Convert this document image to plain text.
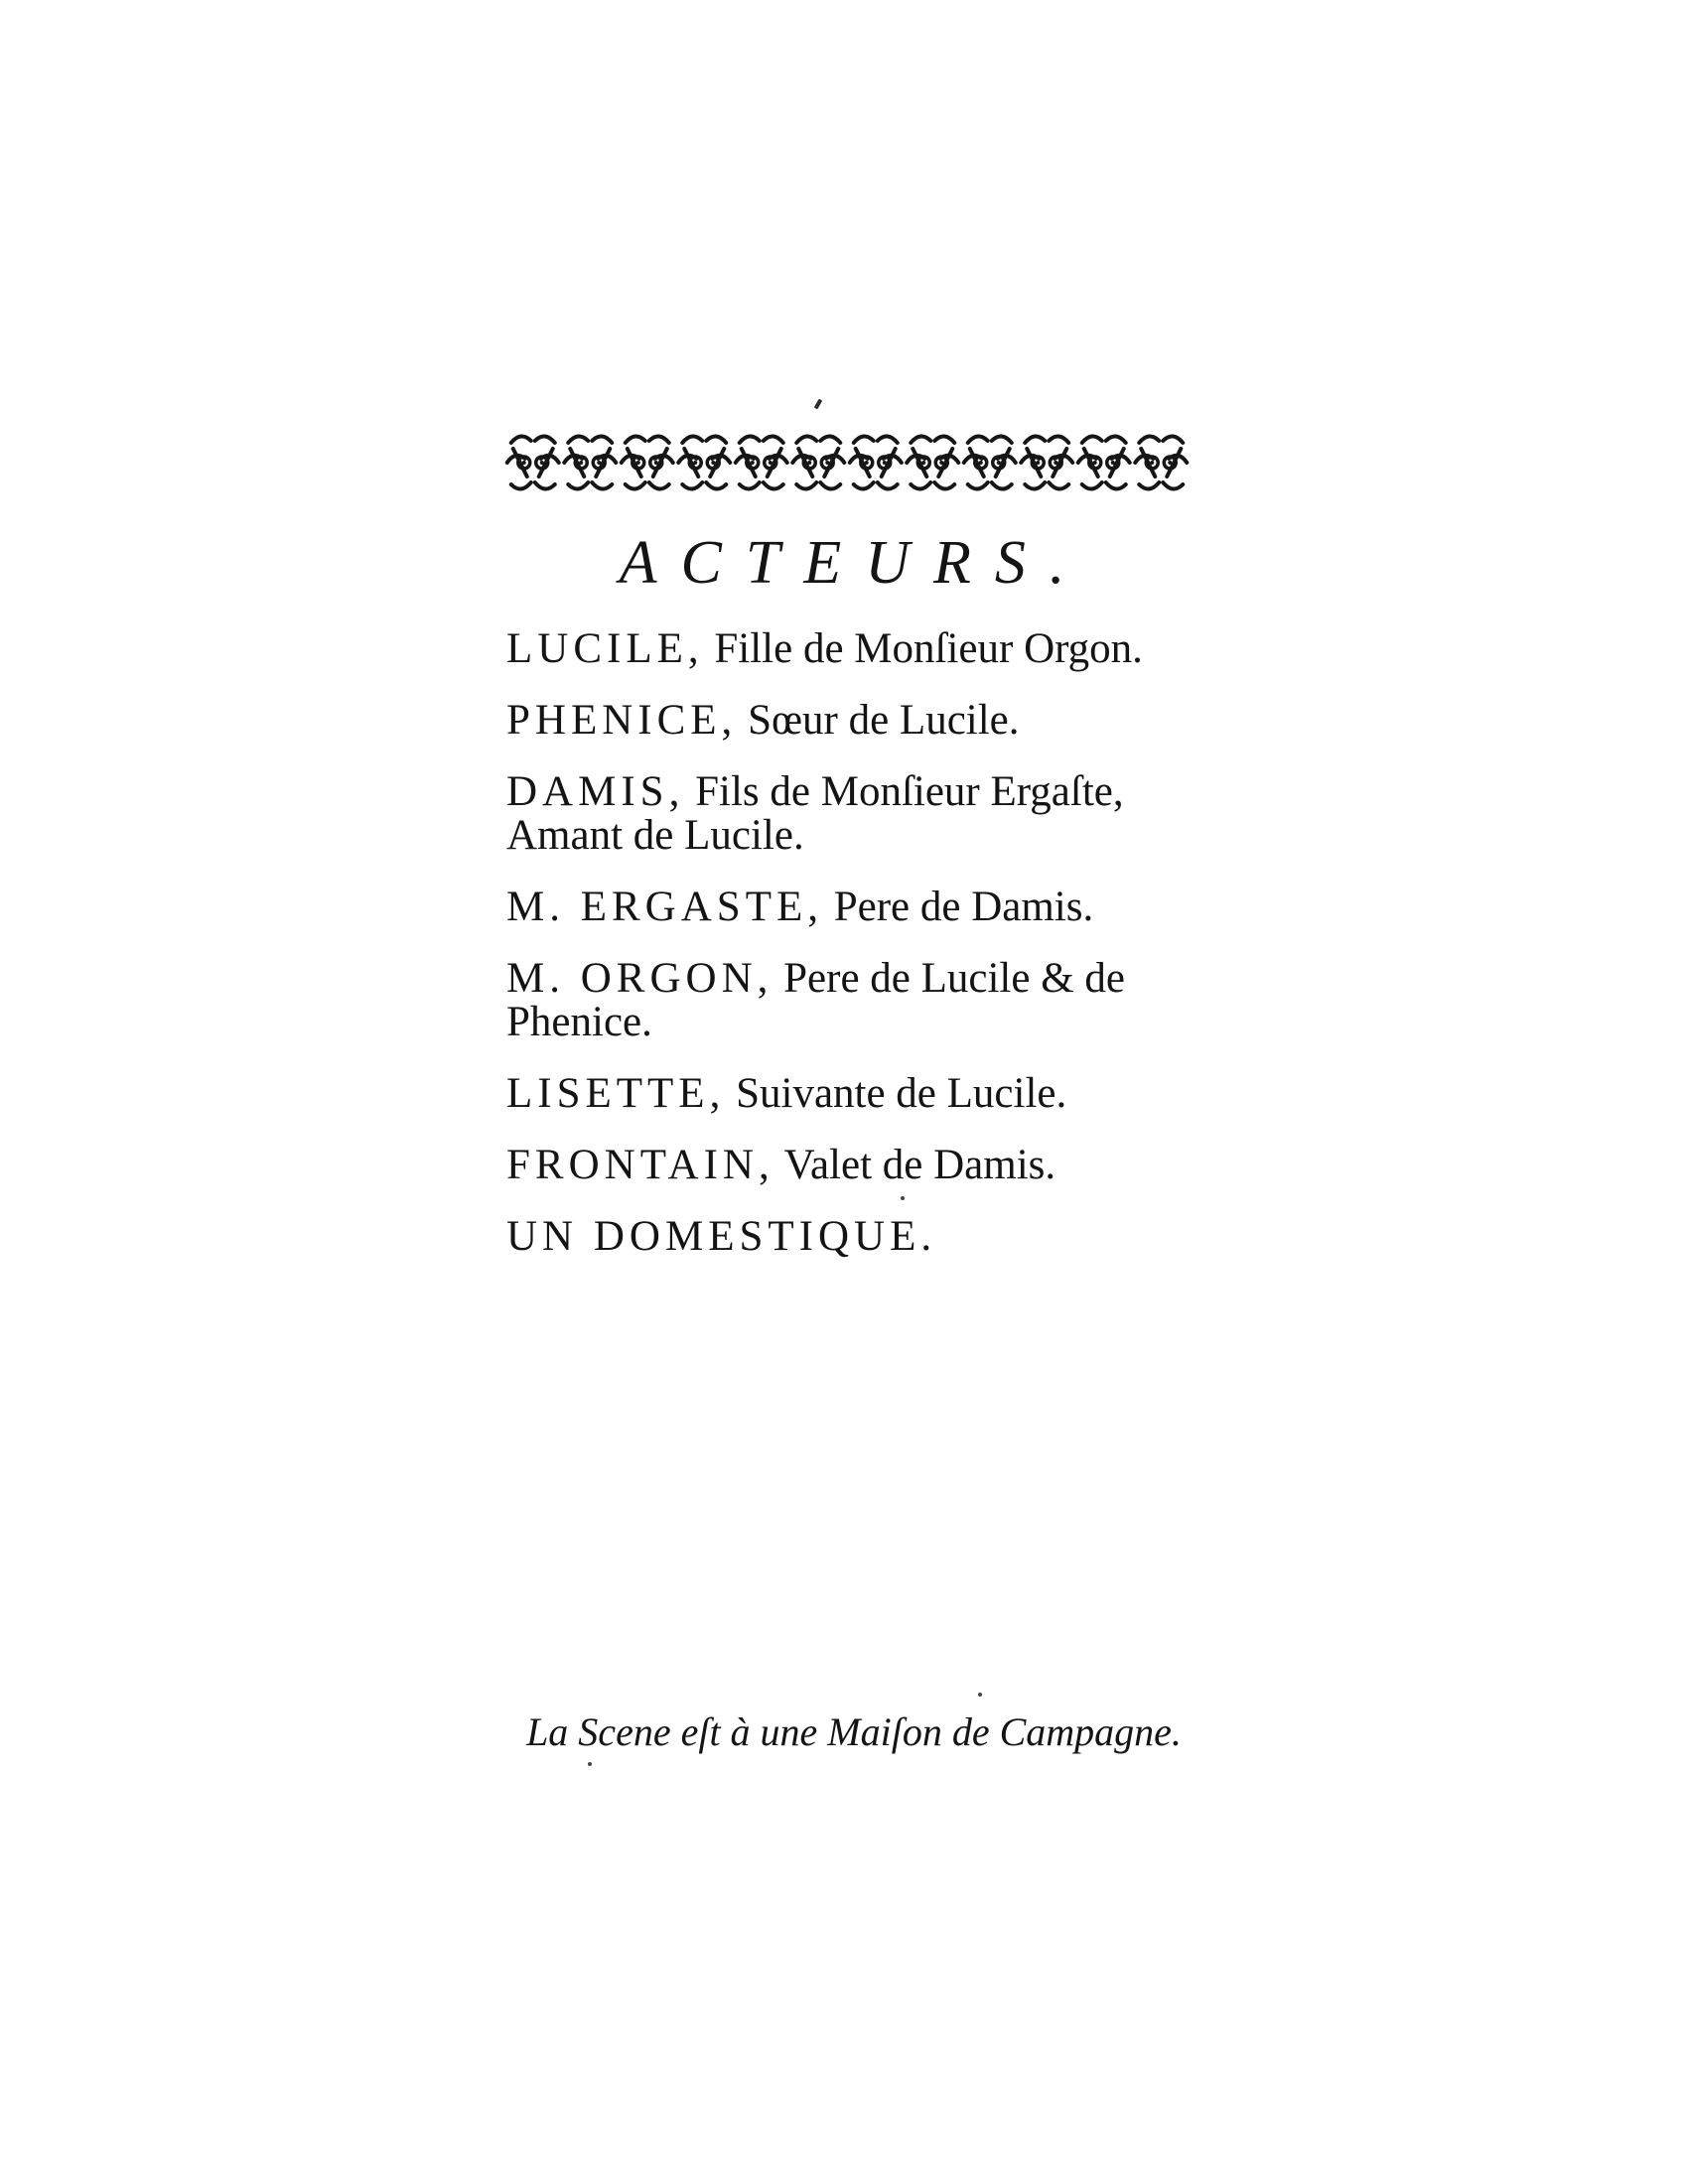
ACTEURS.
LUCILE, Fille de Monſieur Orgon.
PHENICE, Sœur de Lucile.
DAMIS, Fils de Monſieur Ergaſte,
Amant de Lucile.
M. ERGASTE, Pere de Damis.
M. ORGON, Pere de Lucile & de
Phenice.
LISETTE, Suivante de Lucile.
FRONTAIN, Valet de Damis.
UN DOMESTIQUE.
La Scene eſt à une Maiſon de Campagne.
